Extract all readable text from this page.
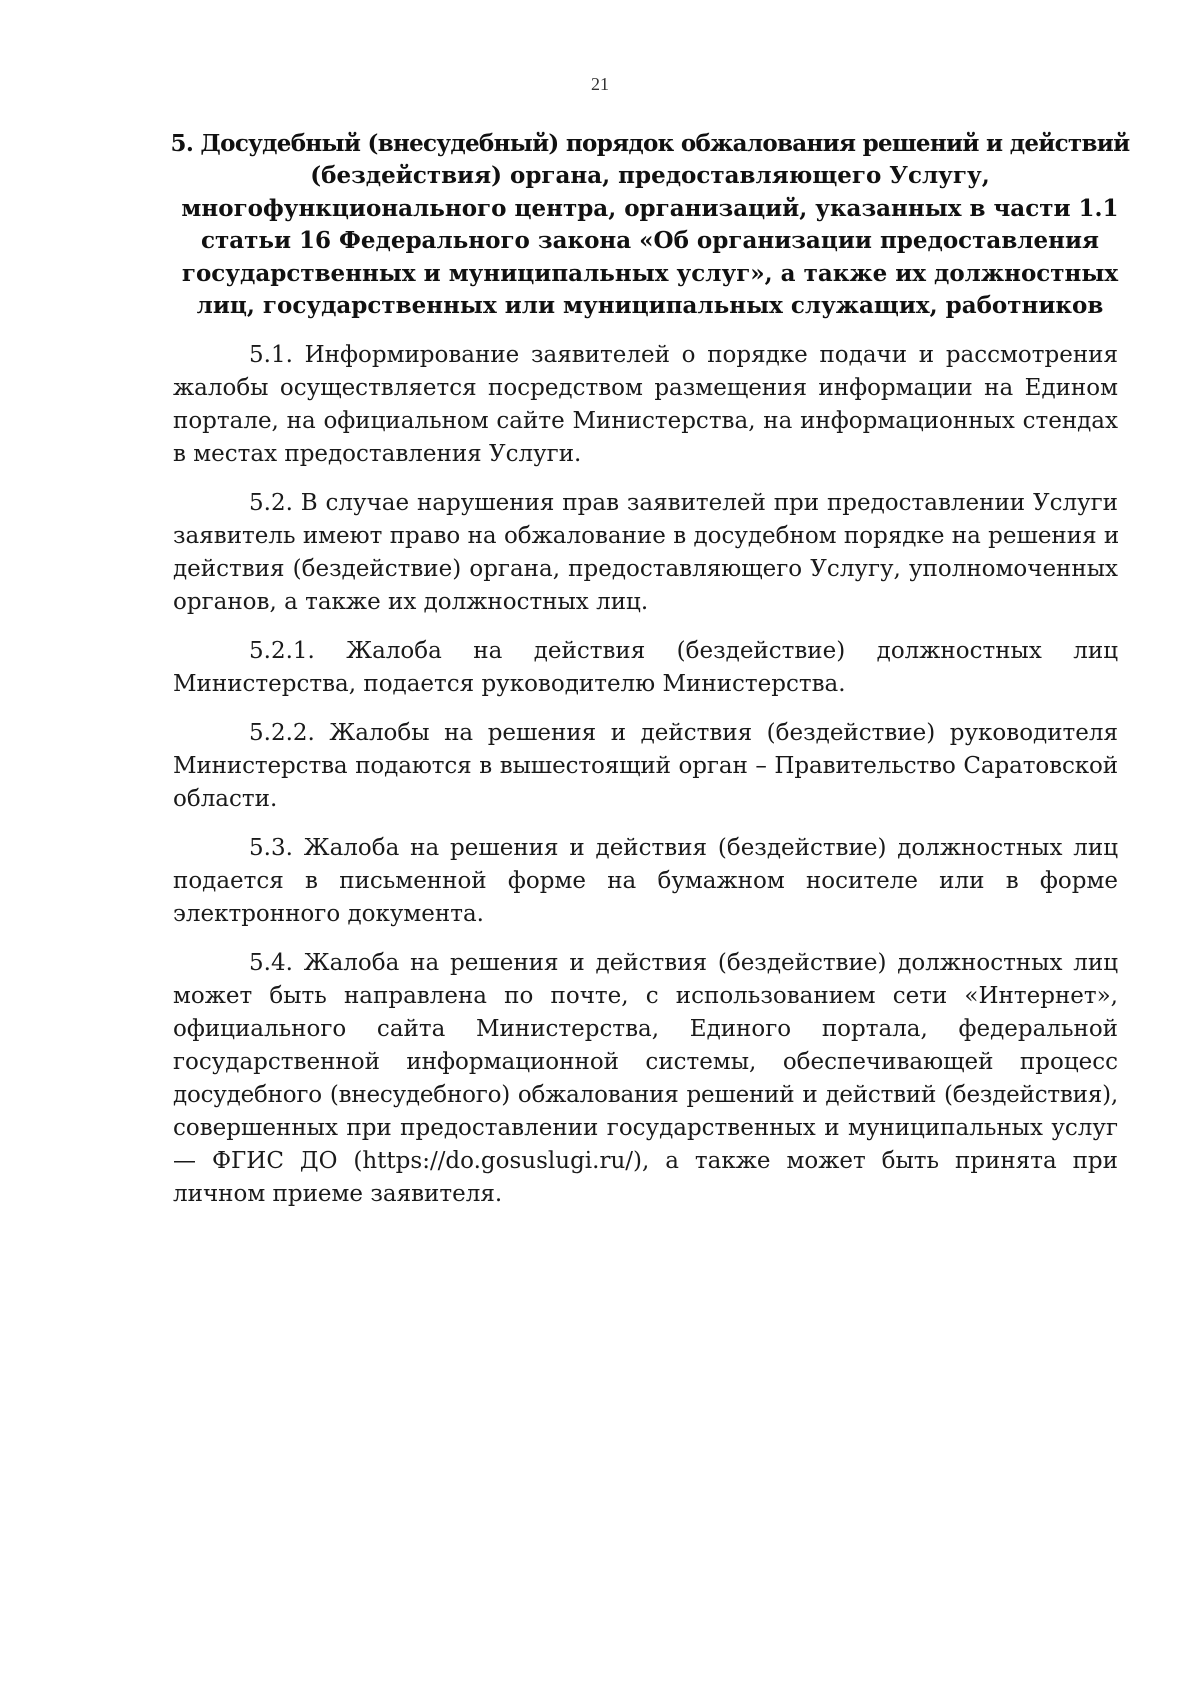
21
5. Досудебный (внесудебный) порядок обжалования решений и действий
(бездействия) органа, предоставляющего Услугу,
многофункционального центра, организаций, указанных в части 1.1
статьи 16 Федерального закона «Об организации предоставления
государственных и муниципальных услуг», а также их должностных
лиц, государственных или муниципальных служащих, работников

5.1. Информирование заявителей о порядке подачи и рассмотрения
жалобы осуществляется посредством размещения информации на Едином
портале, на официальном сайте Министерства, на информационных стендах
в местах предоставления Услуги.

5.2. В случае нарушения прав заявителей при предоставлении Услуги
заявитель имеют право на обжалование в досудебном порядке на решения и
действия (бездействие) органа, предоставляющего Услугу, уполномоченных
органов, а также их должностных лиц.

5.2.1. Жалоба на действия (бездействие) должностных лиц
Министерства, подается руководителю Министерства.

5.2.2. Жалобы на решения и действия (бездействие) руководителя
Министерства подаются в вышестоящий орган – Правительство Саратовской
области.

5.3. Жалоба на решения и действия (бездействие) должностных лиц
подается в письменной форме на бумажном носителе или в форме
электронного документа.

5.4. Жалоба на решения и действия (бездействие) должностных лиц
может быть направлена по почте, с использованием сети «Интернет»,
официального сайта Министерства, Единого портала, федеральной
государственной информационной системы, обеспечивающей процесс
досудебного (внесудебного) обжалования решений и действий (бездействия),
совершенных при предоставлении государственных и муниципальных услуг
— ФГИС ДО (https://do.gosuslugi.ru/), а также может быть принята при
личном приеме заявителя.
